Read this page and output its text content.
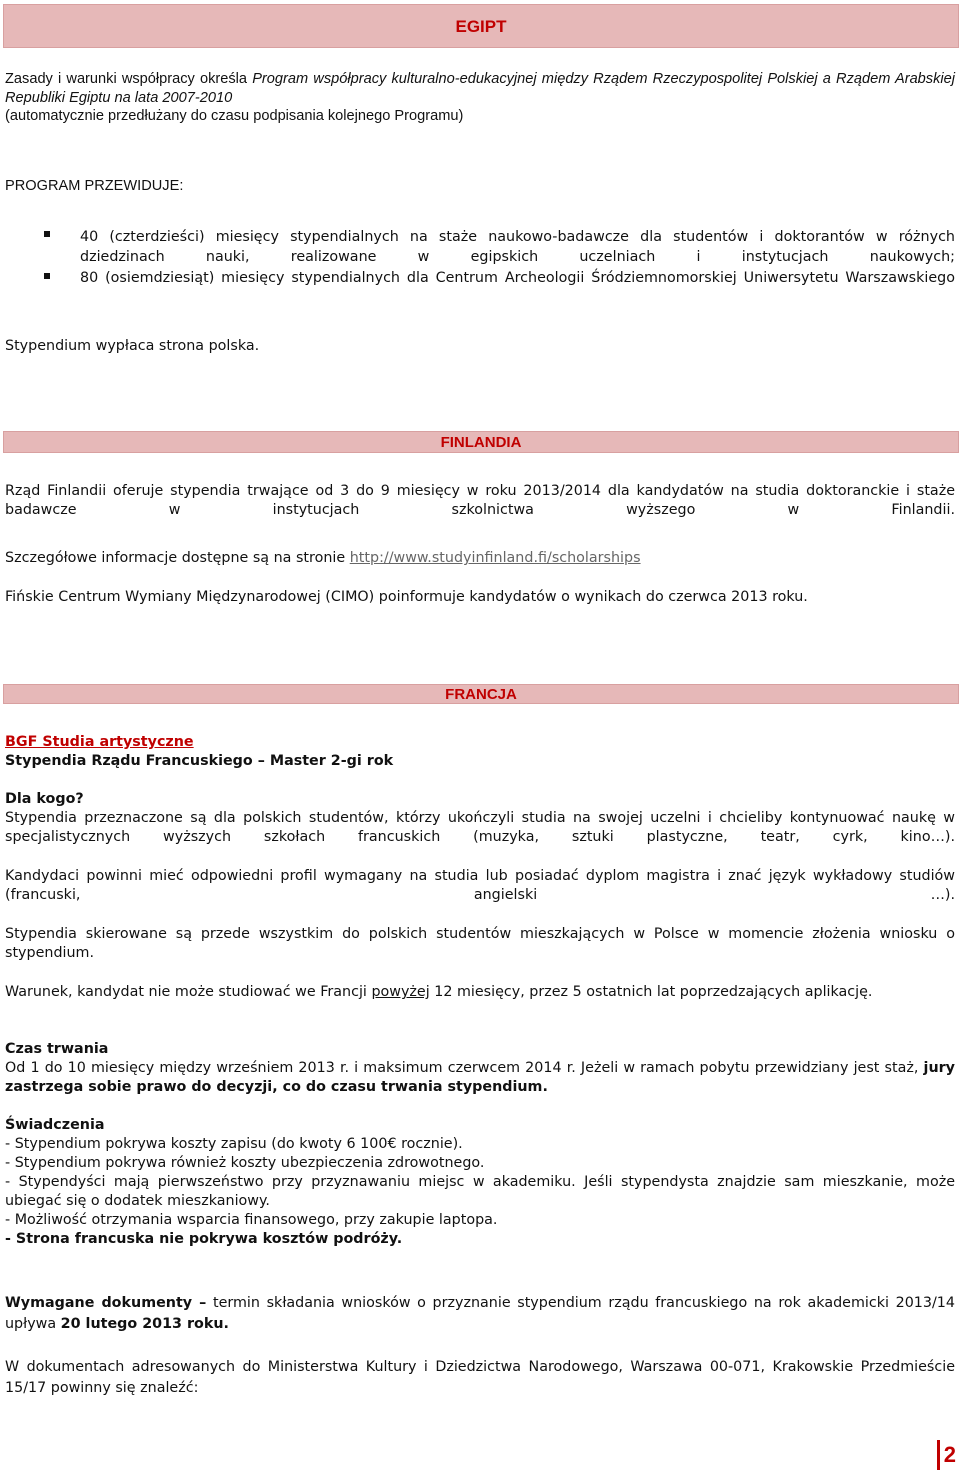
EGIPT
Zasady i warunki współpracy określa Program współpracy kulturalno-edukacyjnej między Rządem Rzeczypospolitej Polskiej a Rządem Arabskiej Republiki Egiptu na lata 2007-2010
(automatycznie przedłużany do czasu podpisania kolejnego Programu)
PROGRAM PRZEWIDUJE:
40 (czterdzieści) miesięcy stypendialnych na staże naukowo-badawcze dla studentów i doktorantów w różnych dziedzinach nauki, realizowane w egipskich uczelniach i instytucjach naukowych;
80 (osiemdziesiąt) miesięcy stypendialnych dla Centrum Archeologii Śródziemnomorskiej Uniwersytetu Warszawskiego
Stypendium wypłaca strona polska.
FINLANDIA
Rząd Finlandii oferuje stypendia trwające od 3 do 9 miesięcy w roku 2013/2014 dla kandydatów na studia doktoranckie i staże badawcze w instytucjach szkolnictwa wyższego w Finlandii.
Szczegółowe informacje dostępne są na stronie http://www.studyinfinland.fi/scholarships
Fińskie Centrum Wymiany Międzynarodowej (CIMO) poinformuje kandydatów o wynikach do czerwca 2013 roku.
FRANCJA
BGF Studia artystyczne
Stypendia Rządu Francuskiego – Master 2-gi rok
Dla kogo?
Stypendia przeznaczone są dla polskich studentów, którzy ukończyli studia na swojej uczelni i chcieliby kontynuować naukę w specjalistycznych wyższych szkołach francuskich (muzyka, sztuki plastyczne, teatr, cyrk, kino…).
Kandydaci powinni mieć odpowiedni profil wymagany na studia lub posiadać dyplom magistra i znać język wykładowy studiów (francuski, angielski …).
Stypendia skierowane są przede wszystkim do polskich studentów mieszkających w Polsce w momencie złożenia wniosku o stypendium.
Warunek, kandydat nie może studiować we Francji powyżej 12 miesięcy, przez 5 ostatnich lat poprzedzających aplikację.
Czas trwania
Od 1 do 10 miesięcy między wrześniem 2013 r. i maksimum czerwcem 2014 r. Jeżeli w ramach pobytu przewidziany jest staż, jury zastrzega sobie prawo do decyzji, co do czasu trwania stypendium.
Świadczenia
- Stypendium pokrywa koszty zapisu (do kwoty 6 100€ rocznie).
- Stypendium pokrywa również koszty ubezpieczenia zdrowotnego.
- Stypendyści mają pierwszeństwo przy przyznawaniu miejsc w akademiku. Jeśli stypendysta znajdzie sam mieszkanie, może ubiegać się o dodatek mieszkaniowy.
- Możliwość otrzymania wsparcia finansowego, przy zakupie laptopa.
- Strona francuska nie pokrywa kosztów podróży.
Wymagane dokumenty – termin składania wniosków o przyznanie stypendium rządu francuskiego na rok akademicki 2013/14 upływa 20 lutego 2013 roku.
W dokumentach adresowanych do Ministerstwa Kultury i Dziedzictwa Narodowego, Warszawa 00-071, Krakowskie Przedmieście 15/17 powinny się znaleźć:
2
